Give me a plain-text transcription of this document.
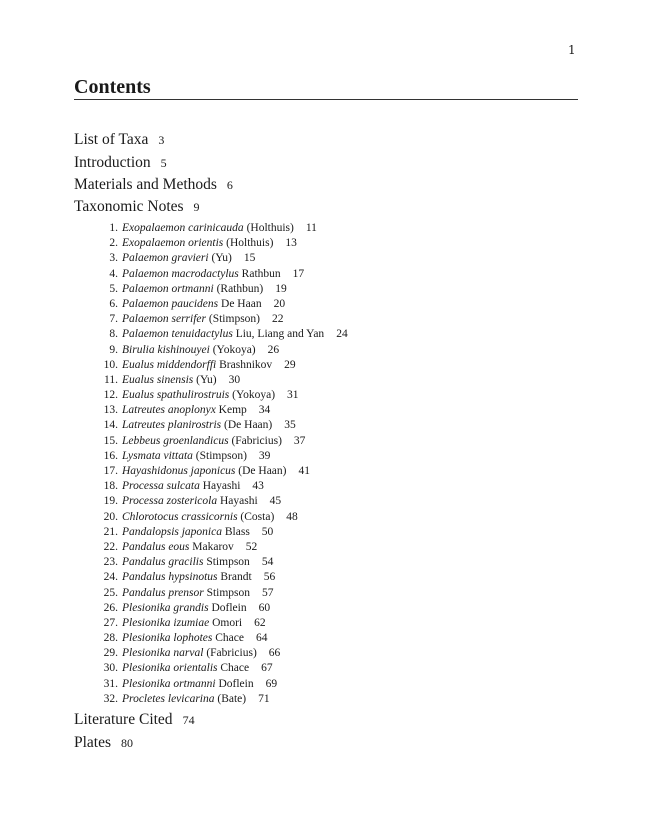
1
Contents
List of Taxa 3
Introduction 5
Materials and Methods 6
Taxonomic Notes 9
1. Exopalaemon carinicauda (Holthuis) 11
2. Exopalaemon orientis (Holthuis) 13
3. Palaemon gravieri (Yu) 15
4. Palaemon macrodactylus Rathbun 17
5. Palaemon ortmanni (Rathbun) 19
6. Palaemon paucidens De Haan 20
7. Palaemon serrifer (Stimpson) 22
8. Palaemon tenuidactylus Liu, Liang and Yan 24
9. Birulia kishinouyei (Yokoya) 26
10. Eualus middendorffi Brashnikov 29
11. Eualus sinensis (Yu) 30
12. Eualus spathulirostruis (Yokoya) 31
13. Latreutes anoplonyx Kemp 34
14. Latreutes planirostris (De Haan) 35
15. Lebbeus groenlandicus (Fabricius) 37
16. Lysmata vittata (Stimpson) 39
17. Hayashidonus japonicus (De Haan) 41
18. Processa sulcata Hayashi 43
19. Processa zostericola Hayashi 45
20. Chlorotocus crassicornis (Costa) 48
21. Pandalopsis japonica Blass 50
22. Pandalus eous Makarov 52
23. Pandalus gracilis Stimpson 54
24. Pandalus hypsinotus Brandt 56
25. Pandalus prensor Stimpson 57
26. Plesionika grandis Doflein 60
27. Plesionika izumiae Omori 62
28. Plesionika lophotes Chace 64
29. Plesionika narval (Fabricius) 66
30. Plesionika orientalis Chace 67
31. Plesionika ortmanni Doflein 69
32. Procletes levicarina (Bate) 71
Literature Cited 74
Plates 80
